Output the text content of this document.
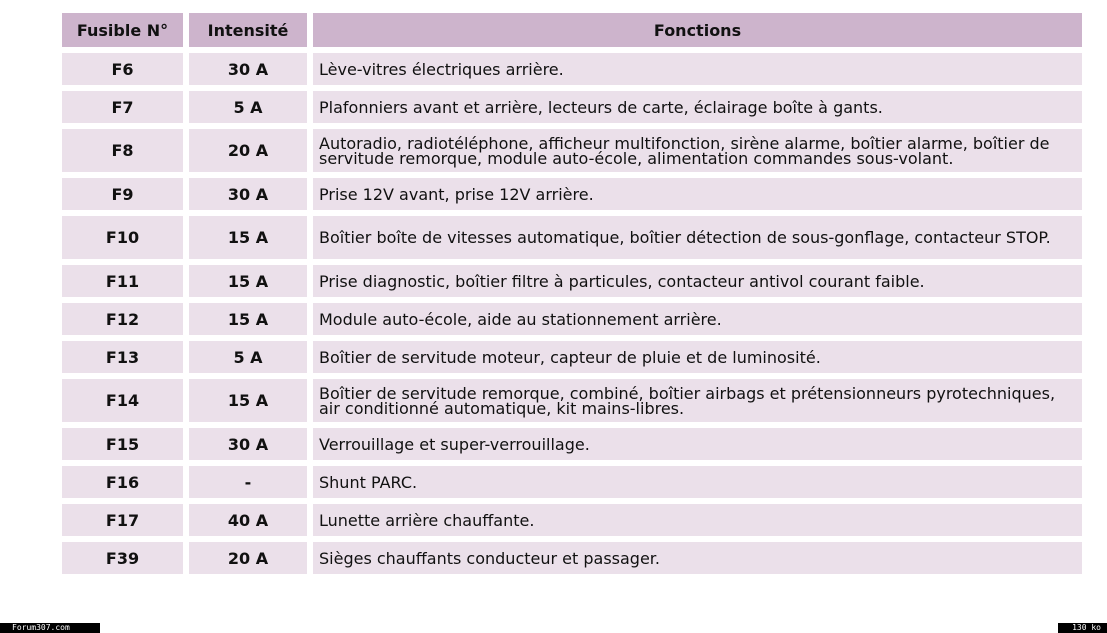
Fusible N°	Intensité	Fonctions
F6	30 A	Lève-vitres électriques arrière.
F7	5 A	Plafonniers avant et arrière, lecteurs de carte, éclairage boîte à gants.
F8	20 A	Autoradio, radiotéléphone, afficheur multifonction, sirène alarme, boîtier alarme, boîtier de servitude remorque, module auto-école, alimentation commandes sous-volant.
F9	30 A	Prise 12V avant, prise 12V arrière.
F10	15 A	Boîtier boîte de vitesses automatique, boîtier détection de sous-gonflage, contacteur STOP.
F11	15 A	Prise diagnostic, boîtier filtre à particules, contacteur antivol courant faible.
F12	15 A	Module auto-école, aide au stationnement arrière.
F13	5 A	Boîtier de servitude moteur, capteur de pluie et de luminosité.
F14	15 A	Boîtier de servitude remorque, combiné, boîtier airbags et prétensionneurs pyrotechniques, air conditionné automatique, kit mains-libres.
F15	30 A	Verrouillage et super-verrouillage.
F16	-	Shunt PARC.
F17	40 A	Lunette arrière chauffante.
F39	20 A	Sièges chauffants conducteur et passager.
Forum307.com	130 ko
